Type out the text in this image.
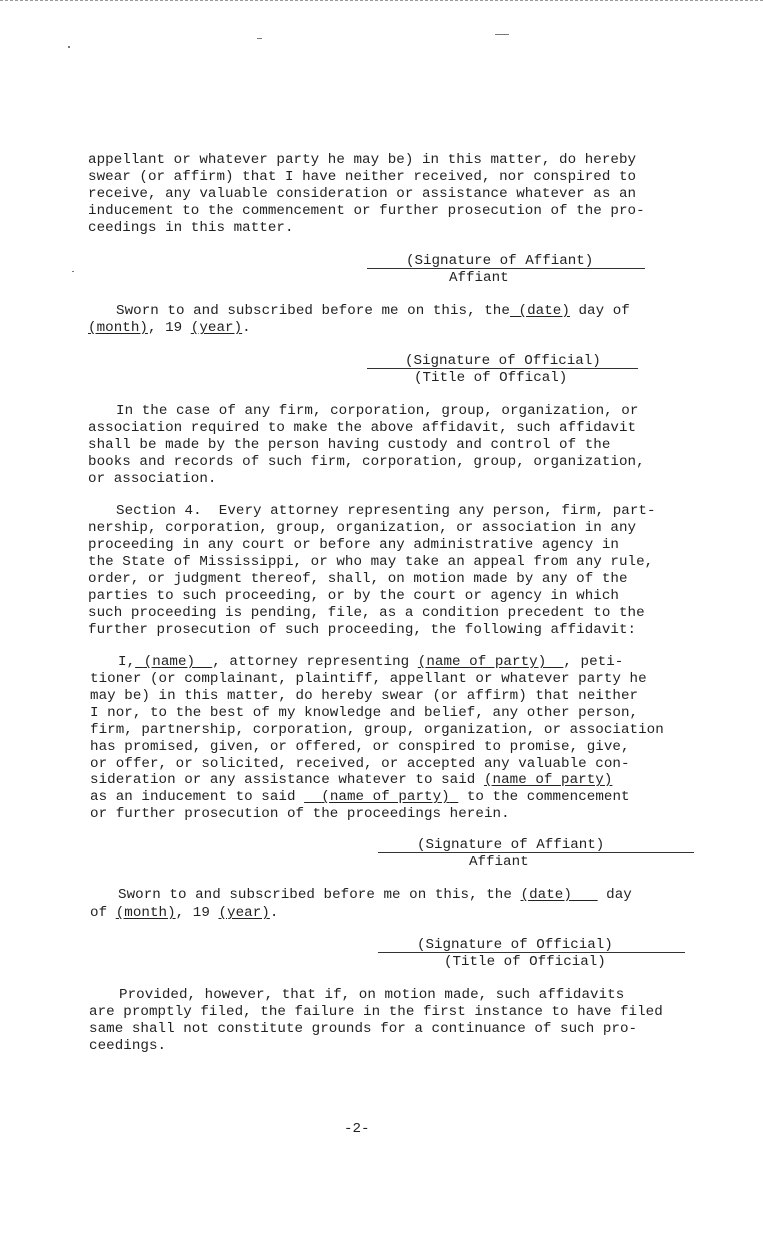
appellant or whatever party he may be) in this matter, do hereby
swear (or affirm) that I have neither received, nor conspired to
receive, any valuable consideration or assistance whatever as an
inducement to the commencement or further prosecution of the pro-
ceedings in this matter.
(Signature of Affiant)
Affiant
Sworn to and subscribed before me on this, the (date) day of
(month), 19 (year).
(Signature of Official)
(Title of Offical)
In the case of any firm, corporation, group, organization, or
association required to make the above affidavit, such affidavit
shall be made by the person having custody and control of the
books and records of such firm, corporation, group, organization,
or association.
Section 4.  Every attorney representing any person, firm, part-
nership, corporation, group, organization, or association in any
proceeding in any court or before any administrative agency in
the State of Mississippi, or who may take an appeal from any rule,
order, or judgment thereof, shall, on motion made by any of the
parties to such proceeding, or by the court or agency in which
such proceeding is pending, file, as a condition precedent to the
further prosecution of such proceeding, the following affidavit:
I, (name) , attorney representing (name of party) , peti-
tioner (or complainant, plaintiff, appellant or whatever party he
may be) in this matter, do hereby swear (or affirm) that neither
I nor, to the best of my knowledge and belief, any other person,
firm, partnership, corporation, group, organization, or association
has promised, given, or offered, or conspired to promise, give,
or offer, or solicited, received, or accepted any valuable con-
sideration or any assistance whatever to said (name of party)
as an inducement to said   (name of party)  to the commencement
or further prosecution of the proceedings herein.
(Signature of Affiant)
Affiant
Sworn to and subscribed before me on this, the (date)    day
of (month), 19 (year).
(Signature of Official)
(Title of Official)
Provided, however, that if, on motion made, such affidavits
are promptly filed, the failure in the first instance to have filed
same shall not constitute grounds for a continuance of such pro-
ceedings.
-2-
